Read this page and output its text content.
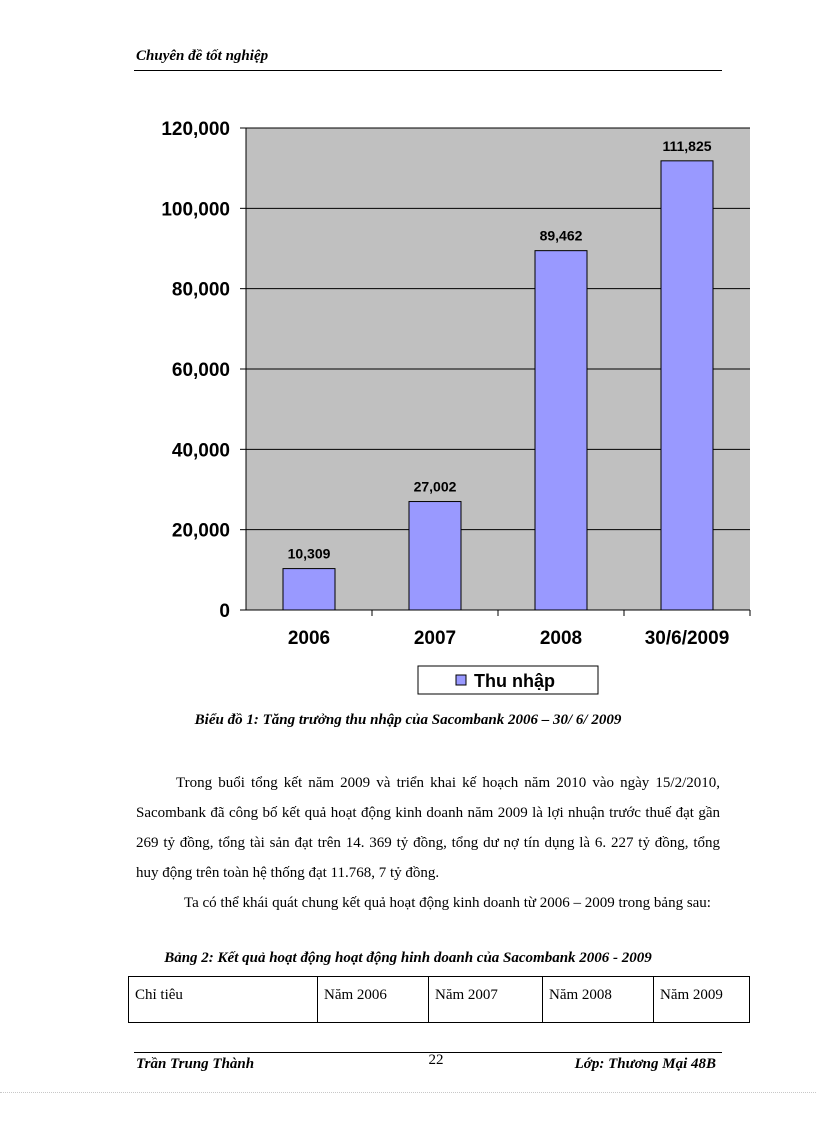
Chuyên đề tốt nghiệp
10,309
27,002
89,462
111,825
0
20,000
40,000
60,000
80,000
100,000
120,000
2006	2007	2008	30/6/2009
Thu nhập
Biểu đồ 1: Tăng trưởng thu nhập của Sacombank 2006 – 30/ 6/ 2009
Trong buổi tổng kết năm 2009 và triển khai kế hoạch năm 2010 vào ngày 15/2/2010, Sacombank đã công bố kết quả hoạt động kinh doanh năm 2009 là lợi nhuận trước thuế đạt gần 269 tỷ đồng, tổng tài sản đạt trên 14. 369 tỷ đồng, tổng dư nợ tín dụng là 6. 227 tỷ đồng, tổng huy động trên toàn hệ thống đạt 11.768, 7 tỷ đồng.
Ta có thể khái quát chung kết quả hoạt động kinh doanh từ 2006 – 2009 trong bảng sau:
Bảng 2: Kết quả hoạt động hoạt động hinh doanh của Sacombank 2006 - 2009
Chỉ tiêu	Năm 2006	Năm 2007	Năm 2008	Năm 2009
Trần Trung Thành	22	Lớp: Thương Mại 48B
